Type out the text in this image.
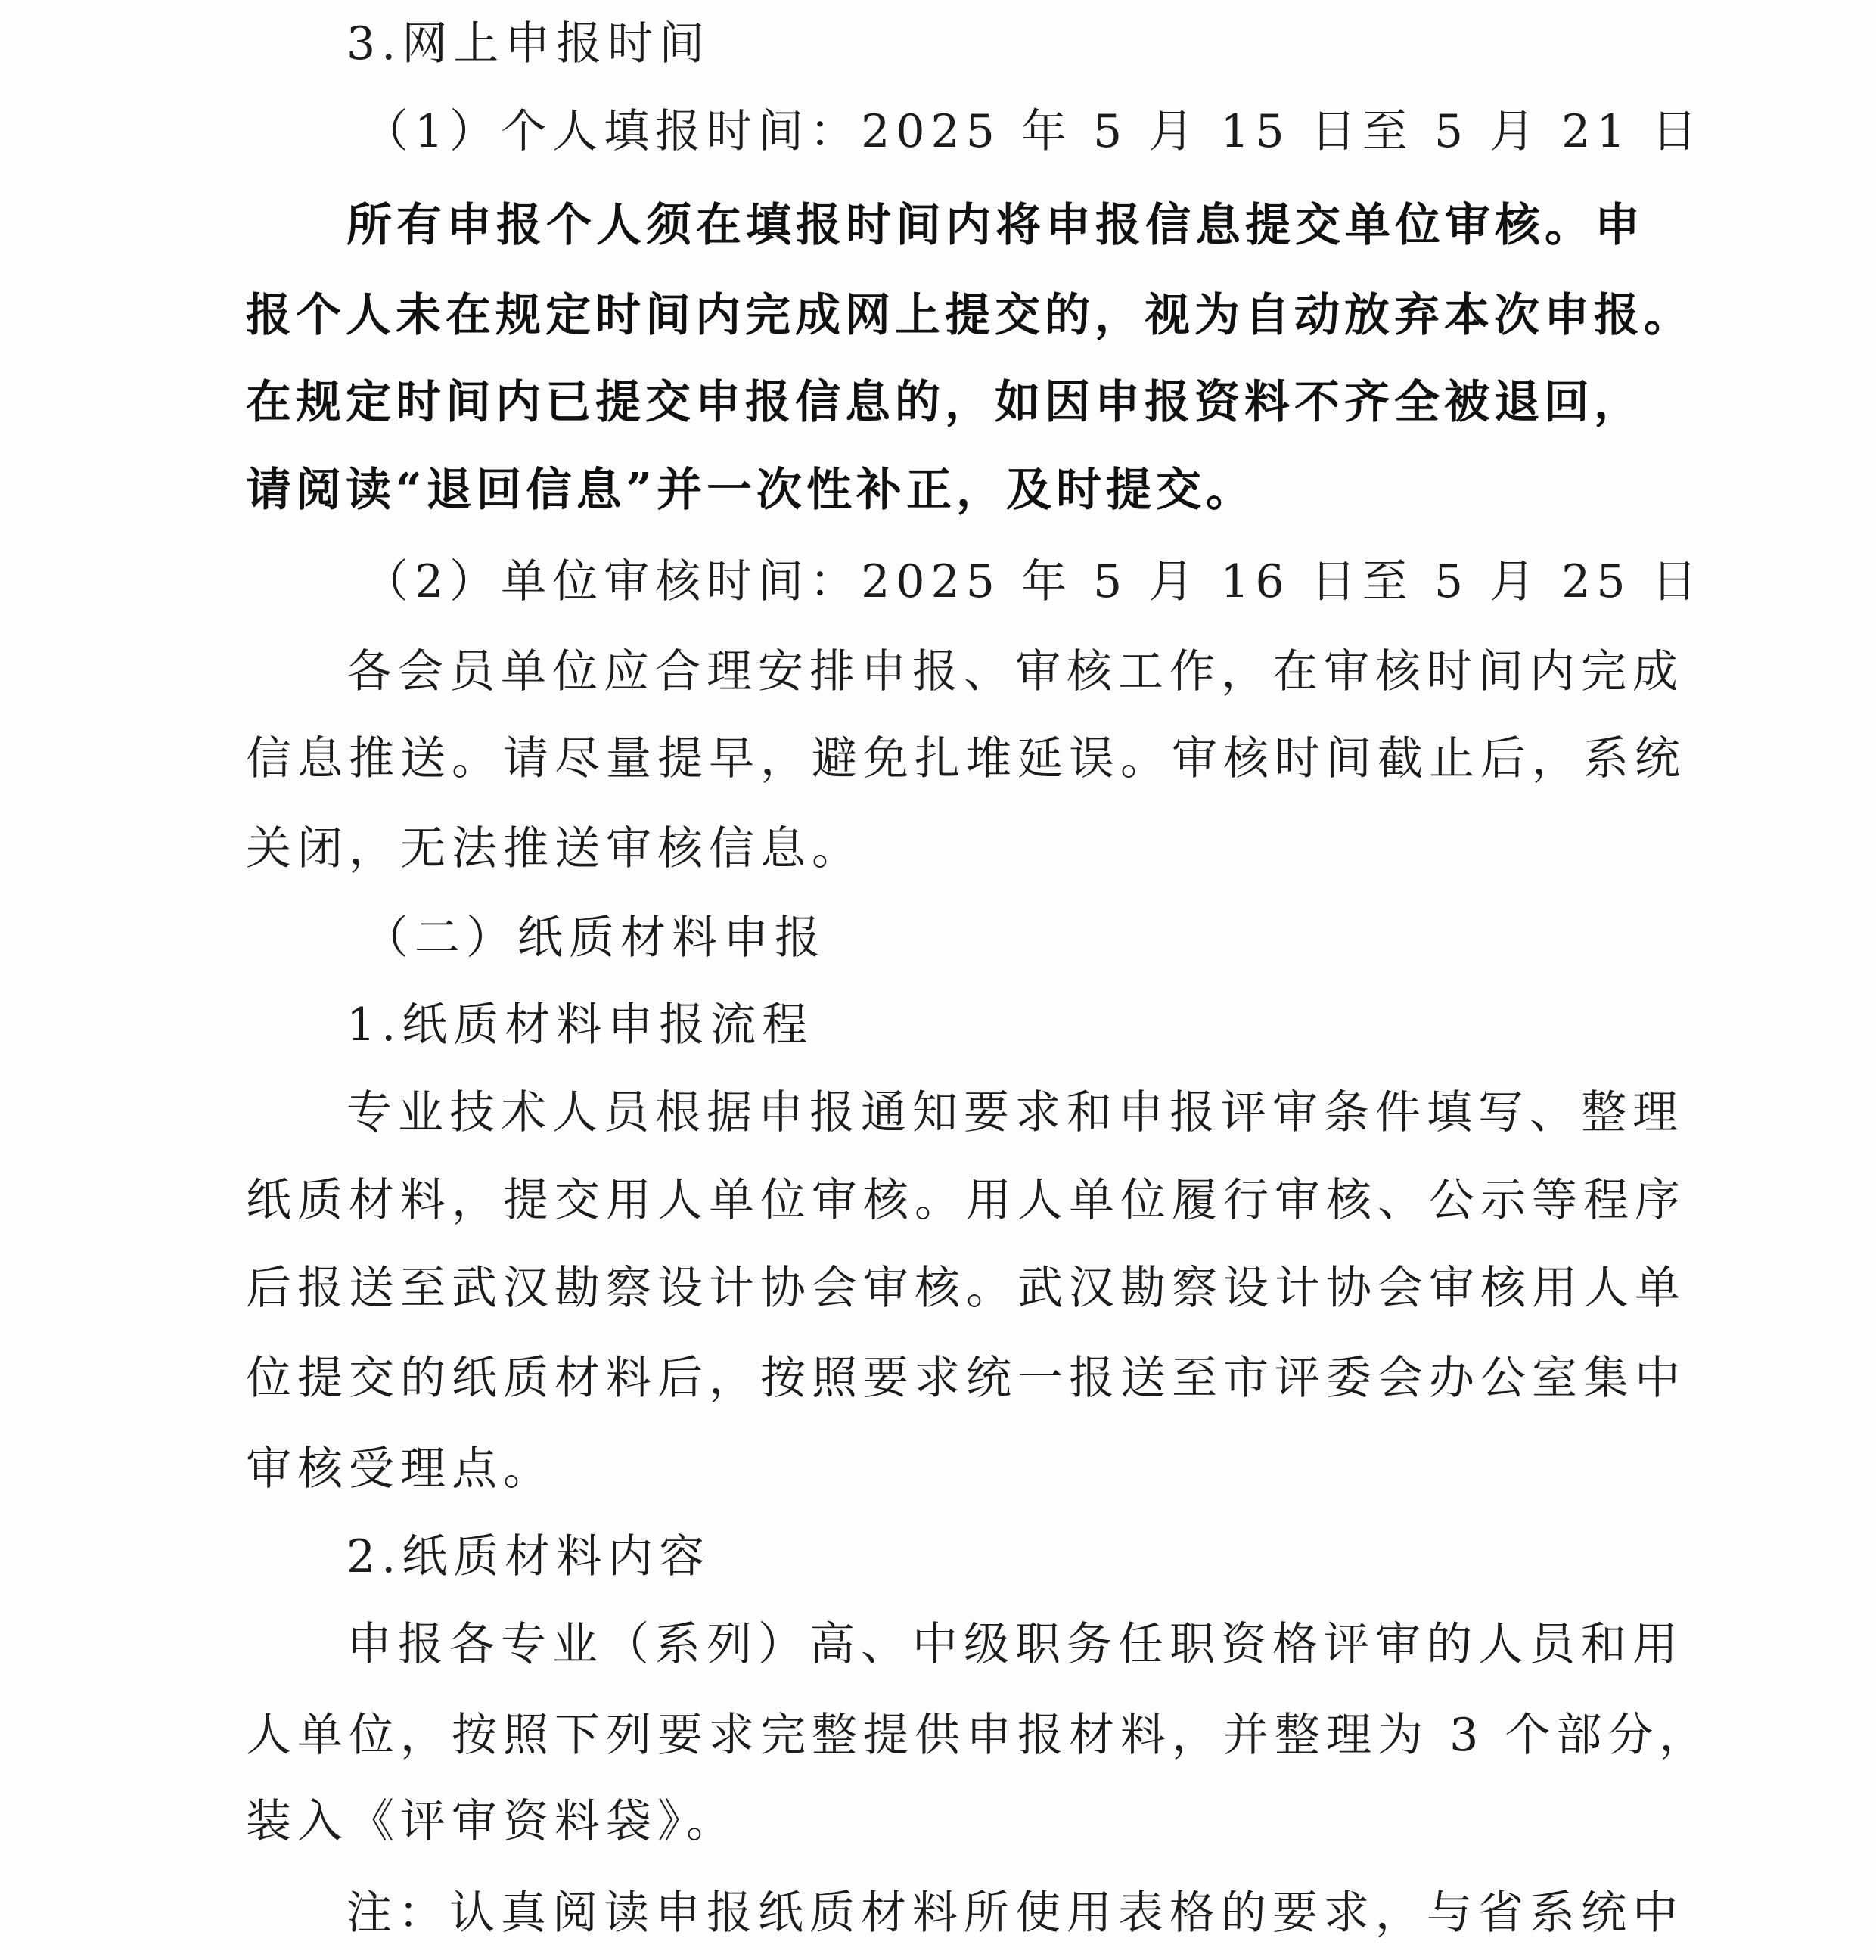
3.网上申报时间
（1）个人填报时间：2025 年 5 月 15 日至 5 月 21 日
所有申报个人须在填报时间内将申报信息提交单位审核。申
报个人未在规定时间内完成网上提交的，视为自动放弃本次申报。
在规定时间内已提交申报信息的，如因申报资料不齐全被退回，
请阅读“退回信息”并一次性补正，及时提交。
（2）单位审核时间：2025 年 5 月 16 日至 5 月 25 日
各会员单位应合理安排申报、审核工作，在审核时间内完成
信息推送。请尽量提早，避免扎堆延误。审核时间截止后，系统
关闭，无法推送审核信息。
（二）纸质材料申报
1.纸质材料申报流程
专业技术人员根据申报通知要求和申报评审条件填写、整理
纸质材料，提交用人单位审核。用人单位履行审核、公示等程序
后报送至武汉勘察设计协会审核。武汉勘察设计协会审核用人单
位提交的纸质材料后，按照要求统一报送至市评委会办公室集中
审核受理点。
2.纸质材料内容
申报各专业（系列）高、中级职务任职资格评审的人员和用
人单位，按照下列要求完整提供申报材料，并整理为 3 个部分，
装入《评审资料袋》。
注：认真阅读申报纸质材料所使用表格的要求，与省系统中
